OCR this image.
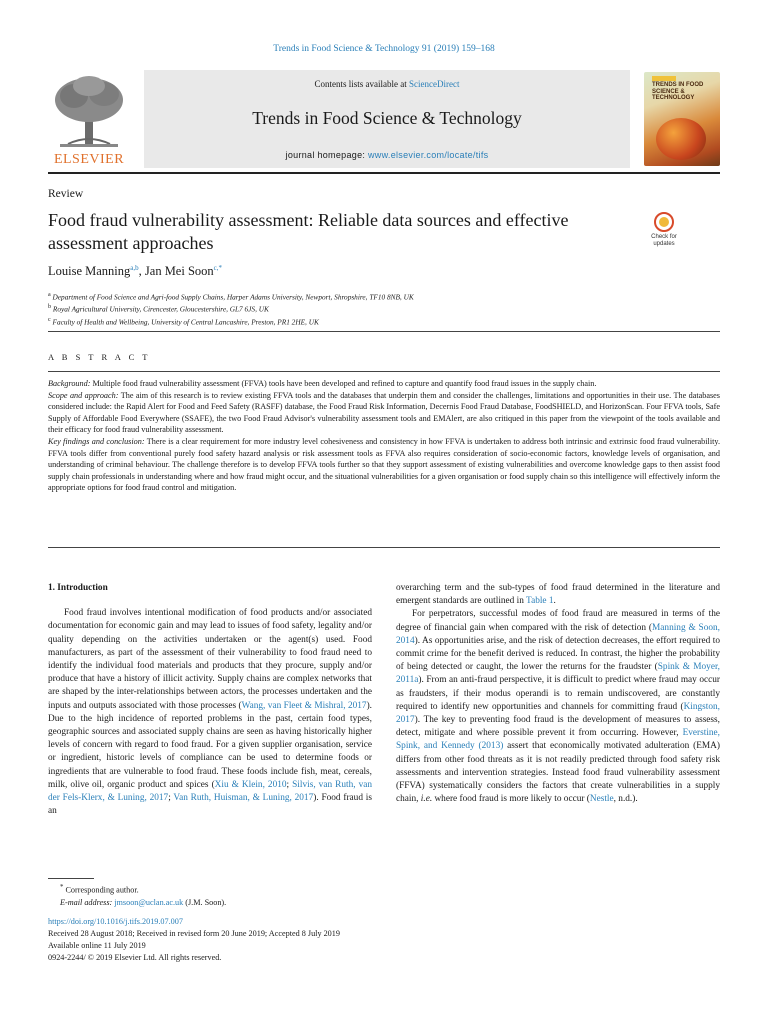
Trends in Food Science & Technology 91 (2019) 159–168
ELSEVIER
Contents lists available at ScienceDirect
Trends in Food Science & Technology
journal homepage: www.elsevier.com/locate/tifs
TRENDS IN FOOD SCIENCE & TECHNOLOGY
Review
Food fraud vulnerability assessment: Reliable data sources and effective assessment approaches	Check for updates
Louise Manning$^{a,b}$, Jan Mei Soon$^{c,*}$
$^a$ Department of Food Science and Agri-food Supply Chains, Harper Adams University, Newport, Shropshire, TF10 8NB, UK
$^b$ Royal Agricultural University, Cirencester, Gloucestershire, GL7 6JS, UK
$^c$ Faculty of Health and Wellbeing, University of Central Lancashire, Preston, PR1 2HE, UK
A B S T R A C T

Background: Multiple food fraud vulnerability assessment (FFVA) tools have been developed and refined to capture and quantify food fraud issues in the supply chain.

Scope and approach: The aim of this research is to review existing FFVA tools and the databases that underpin them and consider the challenges, limitations and opportunities in their use. The databases considered include: the Rapid Alert for Food and Feed Safety (RASFF) database, the Food Fraud Risk Information, Decernis Food Fraud Database, FoodSHIELD, and HorizonScan. Four FFVA tools, Safe Supply of Affordable Food Everywhere (SSAFE), the two Food Fraud Advisor's vulnerability assessment tools and EMAlert, are also critiqued in this paper from the viewpoint of the tools available and their efficacy for food fraud vulnerability assessment.

Key findings and conclusion: There is a clear requirement for more industry level cohesiveness and consistency in how FFVA is undertaken to address both intrinsic and extrinsic food fraud vulnerability. FFVA tools differ from conventional purely food safety hazard analysis or risk assessment tools as FFVA also requires consideration of socio-economic factors, knowledge levels of organisation, and understanding of criminal behaviour. The challenge therefore is to develop FFVA tools further so that they support assessment of existing vulnerabilities and overcome knowledge gaps to then assist food supply chain professionals in understanding where and how fraud might occur, and the situational vulnerabilities for a given organisation or food supply chain so this intelligence will effectively inform the appropriate options for food fraud control and mitigation.

1. Introduction

Food fraud involves intentional modification of food products and/or associated documentation for economic gain and may lead to issues of food safety, legality and/or quality depending on the activities undertaken or the agent(s) used. Food manufacturers, as part of the assessment of their vulnerability to food fraud need to identify the individual food materials and products that they procure, supply and/or produce that have a history of illicit activity. Supply chains are complex networks that are shaped by the inter-relationships between actors, the processes undertaken and the inputs and outputs associated with those processes (Wang, van Fleet & Mishral, 2017). Due to the high incidence of reported problems in the past, certain food types, geographic sources and associated supply chains are seen as having historically higher levels of concern with regard to food fraud. For a given supplier organisation, service or ingredient, historic levels of compliance can be used to determine foods or ingredients that are vulnerable to food fraud. These foods include fish, meat, cereals, milk, olive oil, organic product and spices (Xiu & Klein, 2010; Silvis, van Ruth, van der Fels-Klerx, & Luning, 2017; Van Ruth, Huisman, & Luning, 2017). Food fraud is an

overarching term and the sub-types of food fraud determined in the literature and emergent standards are outlined in Table 1.

For perpetrators, successful modes of food fraud are measured in terms of the degree of financial gain when compared with the risk of detection (Manning & Soon, 2014). As opportunities arise, and the risk of detection decreases, the effort required to commit crime for the benefit derived is reduced. In contrast, the higher the probability of being detected or caught, the lower the returns for the fraudster (Spink & Moyer, 2011a). From an anti-fraud perspective, it is difficult to predict where fraud may occur as fraudsters, if their modus operandi is to remain undiscovered, are constantly required to identify new opportunities and channels for committing fraud (Kingston, 2017). The key to preventing food fraud is the development of measures to assess, detect, mitigate and where possible prevent it from occurring. However, Everstine, Spink, and Kennedy (2013) assert that economically motivated adulteration (EMA) differs from other food threats as it is not readily predicted through food safety risk assessments and intervention strategies. Instead food fraud vulnerability assessment (FFVA) systematically considers the factors that create vulnerabilities in a supply chain, i.e. where food fraud is more likely to occur (Nestle, n.d.).

* Corresponding author.
E-mail address: jmsoon@uclan.ac.uk (J.M. Soon).
https://doi.org/10.1016/j.tifs.2019.07.007
Received 28 August 2018; Received in revised form 20 June 2019; Accepted 8 July 2019
Available online 11 July 2019
0924-2244/ © 2019 Elsevier Ltd. All rights reserved.
